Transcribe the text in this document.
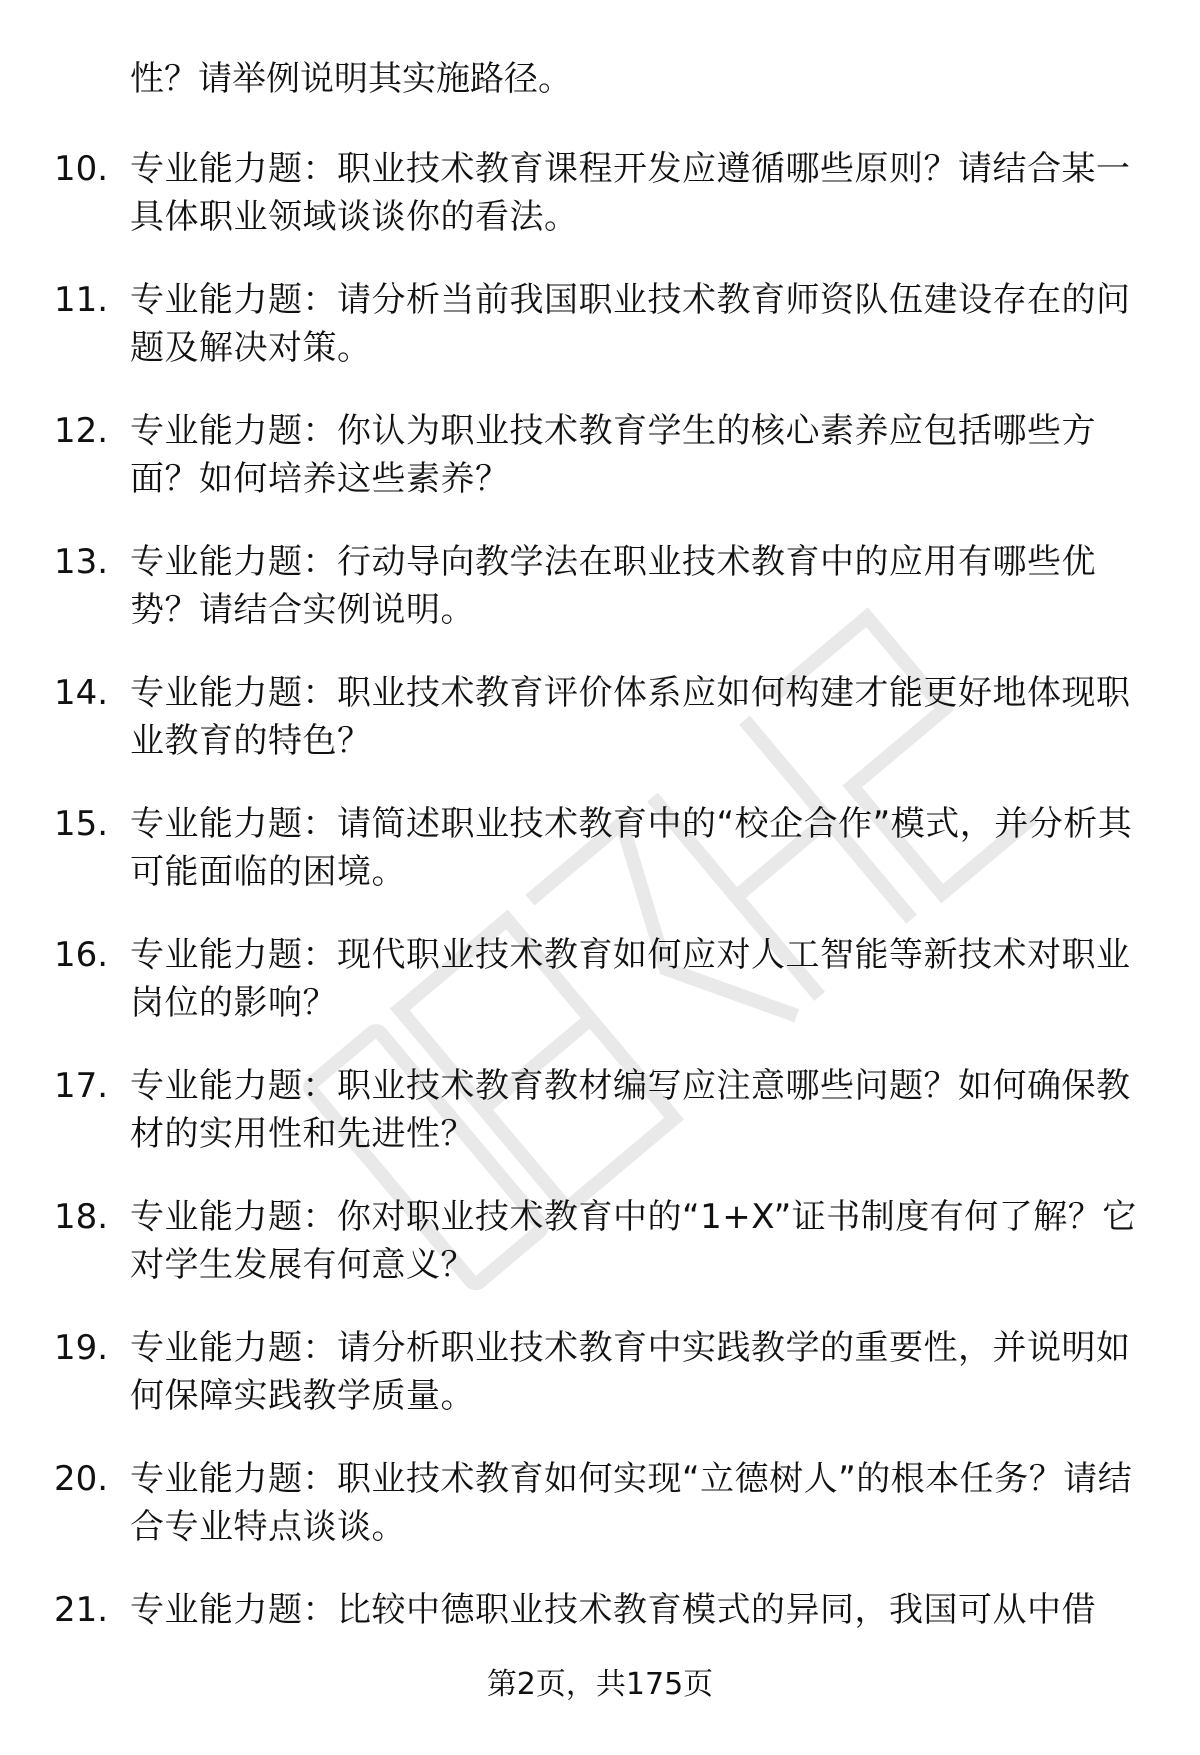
性？请举例说明其实施路径。
10. 专业能力题：职业技术教育课程开发应遵循哪些原则？请结合某一具体职业领域谈谈你的看法。
11. 专业能力题：请分析当前我国职业技术教育师资队伍建设存在的问题及解决对策。
12. 专业能力题：你认为职业技术教育学生的核心素养应包括哪些方面？如何培养这些素养？
13. 专业能力题：行动导向教学法在职业技术教育中的应用有哪些优势？请结合实例说明。
14. 专业能力题：职业技术教育评价体系应如何构建才能更好地体现职业教育的特色？
15. 专业能力题：请简述职业技术教育中的“校企合作”模式，并分析其可能面临的困境。
16. 专业能力题：现代职业技术教育如何应对人工智能等新技术对职业岗位的影响？
17. 专业能力题：职业技术教育教材编写应注意哪些问题？如何确保教材的实用性和先进性？
18. 专业能力题：你对职业技术教育中的“1+X”证书制度有何了解？它对学生发展有何意义？
19. 专业能力题：请分析职业技术教育中实践教学的重要性，并说明如何保障实践教学质量。
20. 专业能力题：职业技术教育如何实现“立德树人”的根本任务？请结合专业特点谈谈。
21. 专业能力题：比较中德职业技术教育模式的异同，我国可从中借
第2页，共175页
